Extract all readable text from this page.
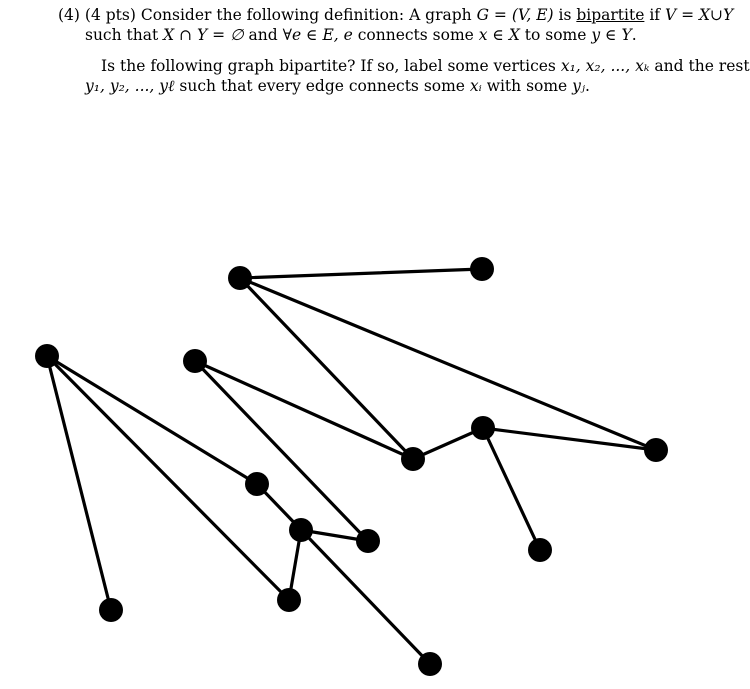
(4) (4 pts) Consider the following definition: A graph G = (V, E) is bipartite if V = X∪Y
such that X ∩ Y = ∅ and ∀e ∈ E, e connects some x ∈ X to some y ∈ Y.
Is the following graph bipartite? If so, label some vertices x₁, x₂, ..., xₖ and the rest
y₁, y₂, ..., yℓ such that every edge connects some xᵢ with some yⱼ.
